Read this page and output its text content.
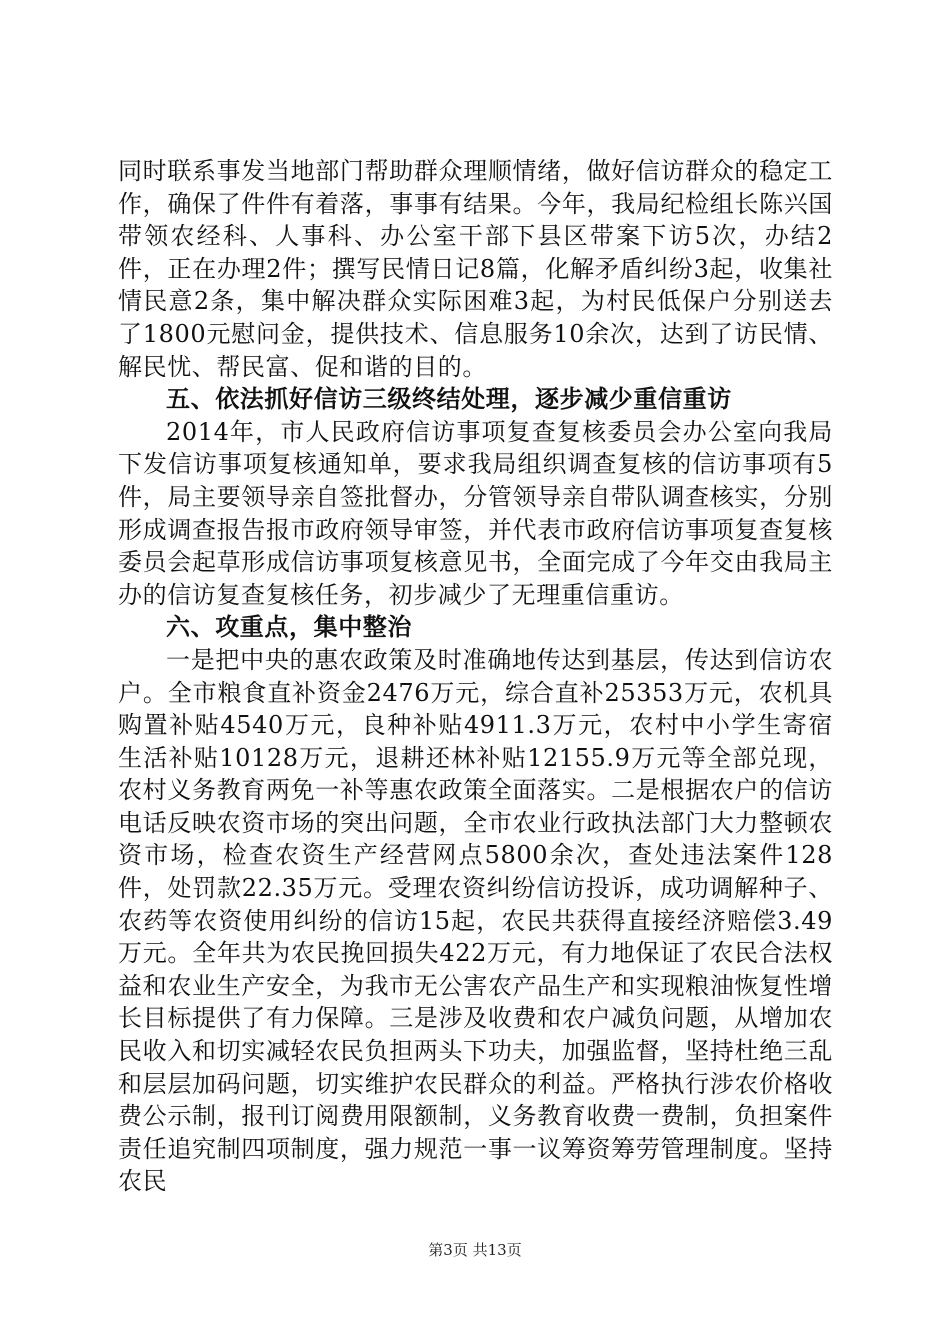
同时联系事发当地部门帮助群众理顺情绪，做好信访群众的稳定工作，确保了件件有着落，事事有结果。今年，我局纪检组长陈兴国带领农经科、人事科、办公室干部下县区带案下访5次，办结2件，正在办理2件；撰写民情日记8篇，化解矛盾纠纷3起，收集社情民意2条，集中解决群众实际困难3起，为村民低保户分别送去了1800元慰问金，提供技术、信息服务10余次，达到了访民情、解民忧、帮民富、促和谐的目的。

五、依法抓好信访三级终结处理，逐步减少重信重访

2014年，市人民政府信访事项复查复核委员会办公室向我局下发信访事项复核通知单，要求我局组织调查复核的信访事项有5件，局主要领导亲自签批督办，分管领导亲自带队调查核实，分别形成调查报告报市政府领导审签，并代表市政府信访事项复查复核委员会起草形成信访事项复核意见书，全面完成了今年交由我局主办的信访复查复核任务，初步减少了无理重信重访。

六、攻重点，集中整治

一是把中央的惠农政策及时准确地传达到基层，传达到信访农户。全市粮食直补资金2476万元，综合直补25353万元，农机具购置补贴4540万元，良种补贴4911.3万元，农村中小学生寄宿生活补贴10128万元，退耕还林补贴12155.9万元等全部兑现，农村义务教育两免一补等惠农政策全面落实。二是根据农户的信访电话反映农资市场的突出问题，全市农业行政执法部门大力整顿农资市场，检查农资生产经营网点5800余次，查处违法案件128件，处罚款22.35万元。受理农资纠纷信访投诉，成功调解种子、农药等农资使用纠纷的信访15起，农民共获得直接经济赔偿3.49万元。全年共为农民挽回损失422万元，有力地保证了农民合法权益和农业生产安全，为我市无公害农产品生产和实现粮油恢复性增长目标提供了有力保障。三是涉及收费和农户减负问题，从增加农民收入和切实减轻农民负担两头下功夫，加强监督，坚持杜绝三乱和层层加码问题，切实维护农民群众的利益。严格执行涉农价格收费公示制，报刊订阅费用限额制，义务教育收费一费制，负担案件责任追究制四项制度，强力规范一事一议筹资筹劳管理制度。坚持农民

第3页 共13页
